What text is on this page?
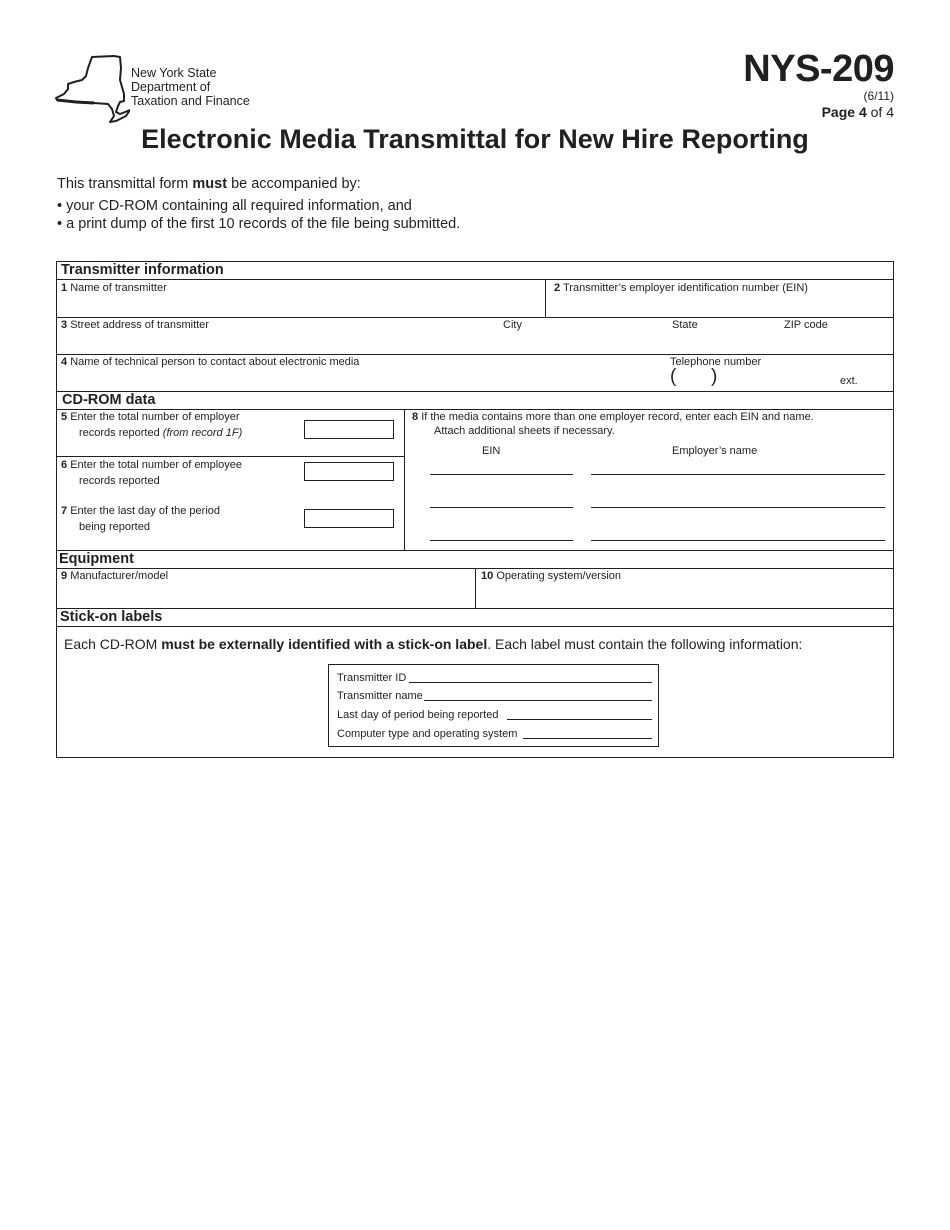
New York State
Department of
Taxation and Finance
NYS-209
(6/11)
Page 4 of 4
Electronic Media Transmittal for New Hire Reporting
This transmittal form must be accompanied by:
• your CD-ROM containing all required information, and
• a print dump of the first 10 records of the file being submitted.
Transmitter information
1 Name of transmitter	2 Transmitter’s employer identification number (EIN)
3 Street address of transmitter	City	State	ZIP code
4 Name of technical person to contact about electronic media	Telephone number
( )	ext.
CD-ROM data
5 Enter the total number of employer
records reported (from record 1F)
6 Enter the total number of employee
records reported
7 Enter the last day of the period
being reported
8 If the media contains more than one employer record, enter each EIN and name.
Attach additional sheets if necessary.
EIN	Employer’s name
Equipment
9 Manufacturer/model	10 Operating system/version
Stick-on labels
Each CD-ROM must be externally identified with a stick-on label. Each label must contain the following information:
Transmitter ID
Transmitter name
Last day of period being reported
Computer type and operating system
